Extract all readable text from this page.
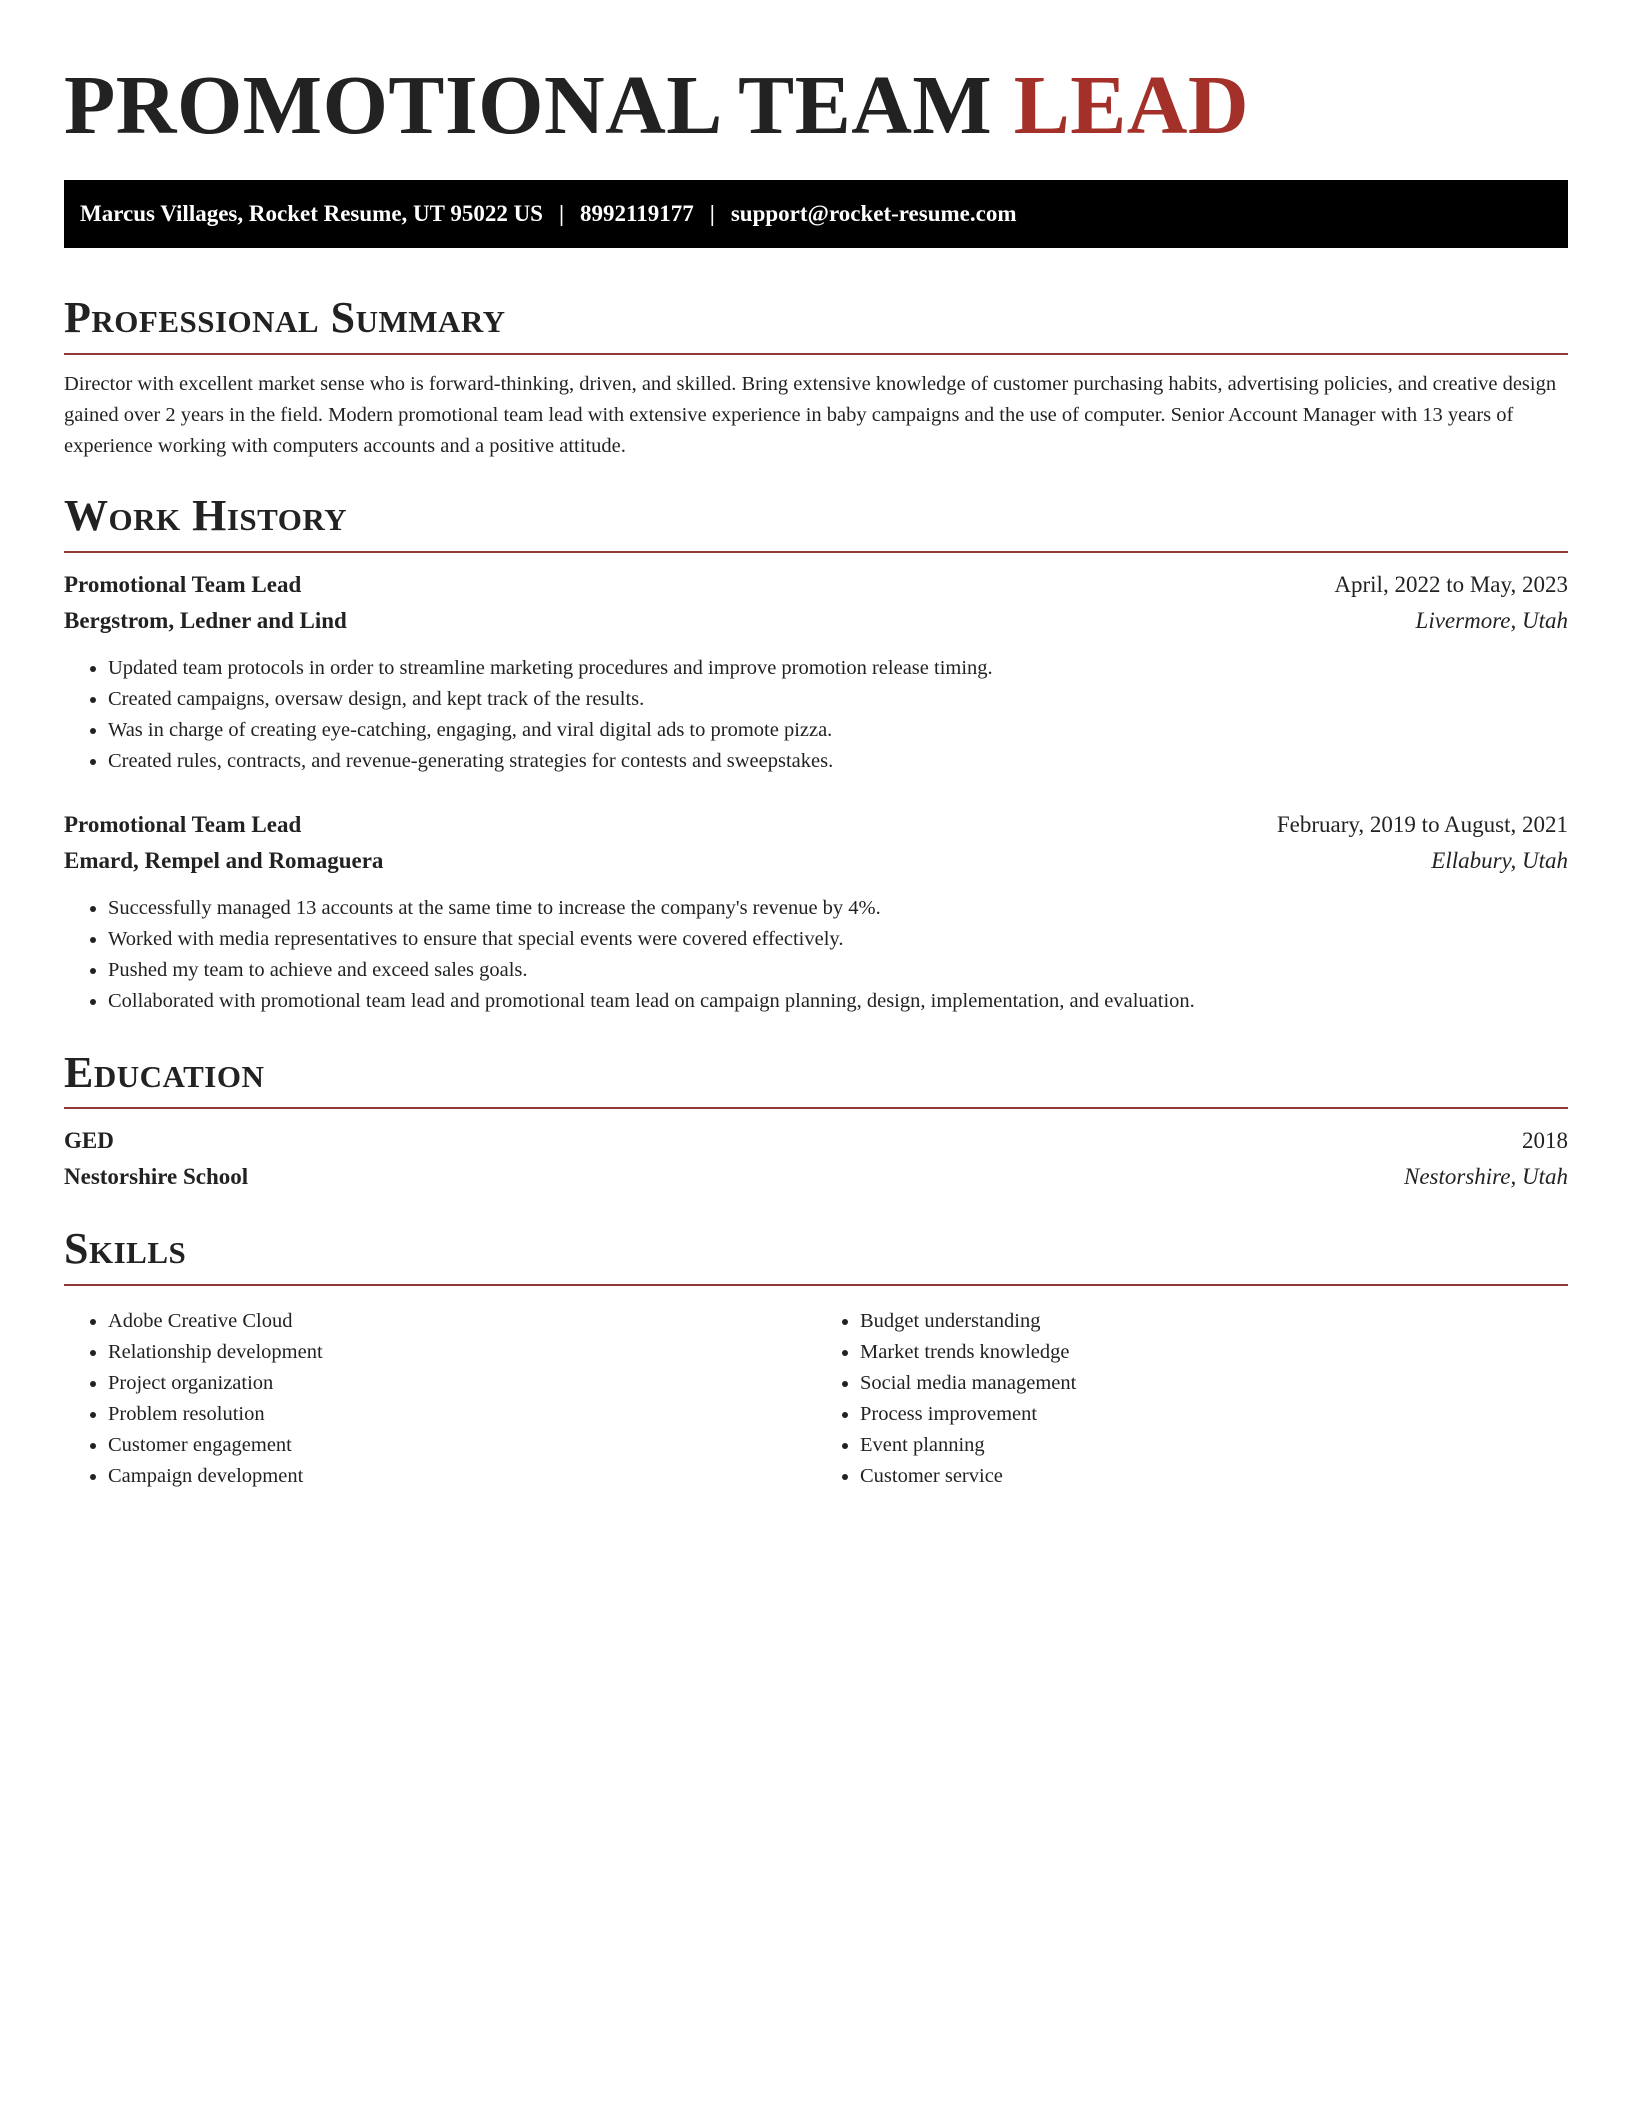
PROMOTIONAL TEAM LEAD
Marcus Villages, Rocket Resume, UT 95022 US | 8992119177 | support@rocket-resume.com
Professional Summary

Director with excellent market sense who is forward-thinking, driven, and skilled. Bring extensive knowledge of customer purchasing habits, advertising policies, and creative design gained over 2 years in the field. Modern promotional team lead with extensive experience in baby campaigns and the use of computer. Senior Account Manager with 13 years of experience working with computers accounts and a positive attitude.

Work History
Promotional Team Lead	April, 2022 to May, 2023
Bergstrom, Ledner and Lind	Livermore, Utah
• Updated team protocols in order to streamline marketing procedures and improve promotion release timing.
• Created campaigns, oversaw design, and kept track of the results.
• Was in charge of creating eye-catching, engaging, and viral digital ads to promote pizza.
• Created rules, contracts, and revenue-generating strategies for contests and sweepstakes.
Promotional Team Lead	February, 2019 to August, 2021
Emard, Rempel and Romaguera	Ellabury, Utah
• Successfully managed 13 accounts at the same time to increase the company's revenue by 4%.
• Worked with media representatives to ensure that special events were covered effectively.
• Pushed my team to achieve and exceed sales goals.
• Collaborated with promotional team lead and promotional team lead on campaign planning, design, implementation, and evaluation.
Education
GED	2018
Nestorshire School	Nestorshire, Utah
Skills
• Adobe Creative Cloud
• Relationship development
• Project organization
• Problem resolution
• Customer engagement
• Campaign development
• Budget understanding
• Market trends knowledge
• Social media management
• Process improvement
• Event planning
• Customer service
